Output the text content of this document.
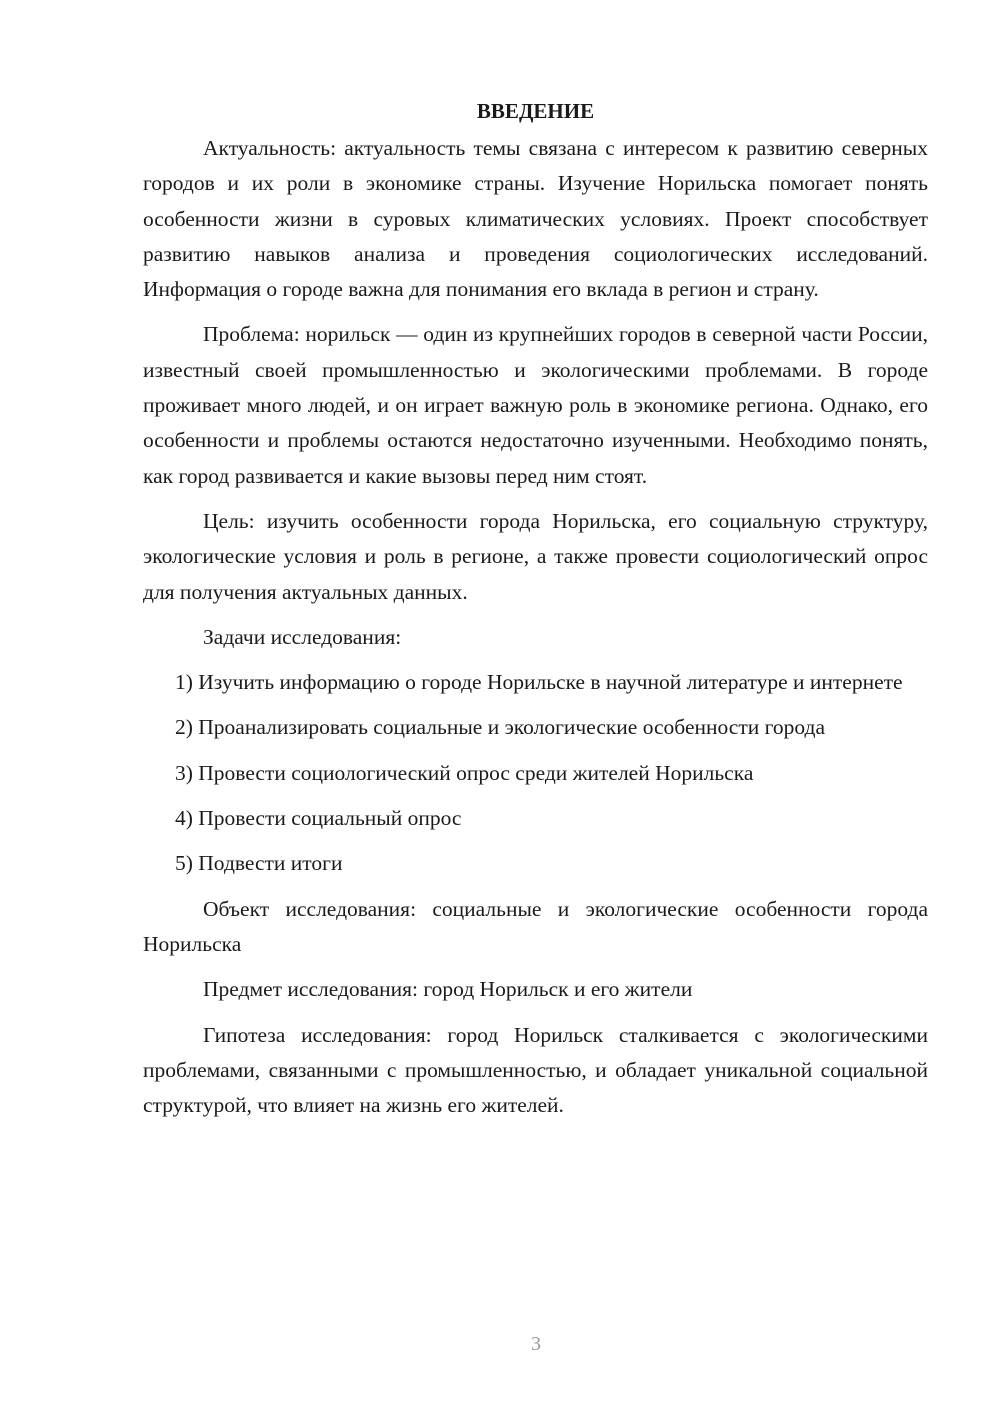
ВВЕДЕНИЕ

Актуальность: актуальность темы связана с интересом к развитию северных городов и их роли в экономике страны. Изучение Норильска помогает понять особенности жизни в суровых климатических условиях. Проект способствует развитию навыков анализа и проведения социологических исследований. Информация о городе важна для понимания его вклада в регион и страну.

Проблема: норильск — один из крупнейших городов в северной части России, известный своей промышленностью и экологическими проблемами. В городе проживает много людей, и он играет важную роль в экономике региона. Однако, его особенности и проблемы остаются недостаточно изученными. Необходимо понять, как город развивается и какие вызовы перед ним стоят.

Цель: изучить особенности города Норильска, его социальную структуру, экологические условия и роль в регионе, а также провести социологический опрос для получения актуальных данных.

Задачи исследования:

1) Изучить информацию о городе Норильске в научной литературе и интернете

2) Проанализировать социальные и экологические особенности города

3) Провести социологический опрос среди жителей Норильска

4) Провести социальный опрос

5) Подвести итоги

Объект исследования: социальные и экологические особенности города Норильска

Предмет исследования: город Норильск и его жители

Гипотеза исследования: город Норильск сталкивается с экологическими проблемами, связанными с промышленностью, и обладает уникальной социальной структурой, что влияет на жизнь его жителей.

3
